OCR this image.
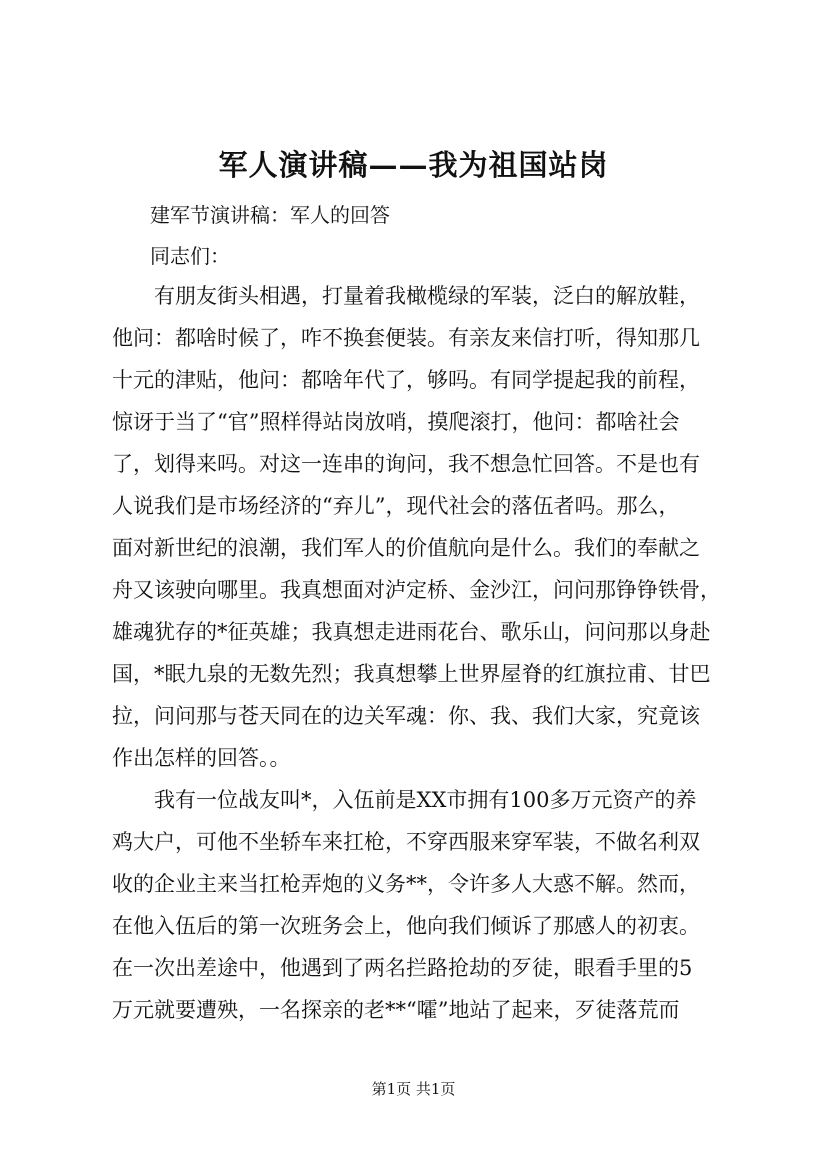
军人演讲稿——我为祖国站岗
建军节演讲稿：军人的回答
同志们：
　　有朋友街头相遇，打量着我橄榄绿的军装，泛白的解放鞋，
他问：都啥时候了，咋不换套便装。有亲友来信打听，得知那几
十元的津贴，他问：都啥年代了，够吗。有同学提起我的前程，
惊讶于当了“官”照样得站岗放哨，摸爬滚打，他问：都啥社会
了，划得来吗。对这一连串的询问，我不想急忙回答。不是也有
人说我们是市场经济的“弃儿”，现代社会的落伍者吗。那么，
面对新世纪的浪潮，我们军人的价值航向是什么。我们的奉献之
舟又该驶向哪里。我真想面对泸定桥、金沙江，问问那铮铮铁骨，
雄魂犹存的*征英雄；我真想走进雨花台、歌乐山，问问那以身赴
国，*眠九泉的无数先烈；我真想攀上世界屋脊的红旗拉甫、甘巴
拉，问问那与苍天同在的边关军魂：你、我、我们大家，究竟该
作出怎样的回答。。
　　我有一位战友叫*，入伍前是XX市拥有100多万元资产的养
鸡大户，可他不坐轿车来扛枪，不穿西服来穿军装，不做名利双
收的企业主来当扛枪弄炮的义务**，令许多人大惑不解。然而，
在他入伍后的第一次班务会上，他向我们倾诉了那感人的初衷。
在一次出差途中，他遇到了两名拦路抢劫的歹徒，眼看手里的5
万元就要遭殃，一名探亲的老**“嚯”地站了起来，歹徒落荒而
第1页 共1页
